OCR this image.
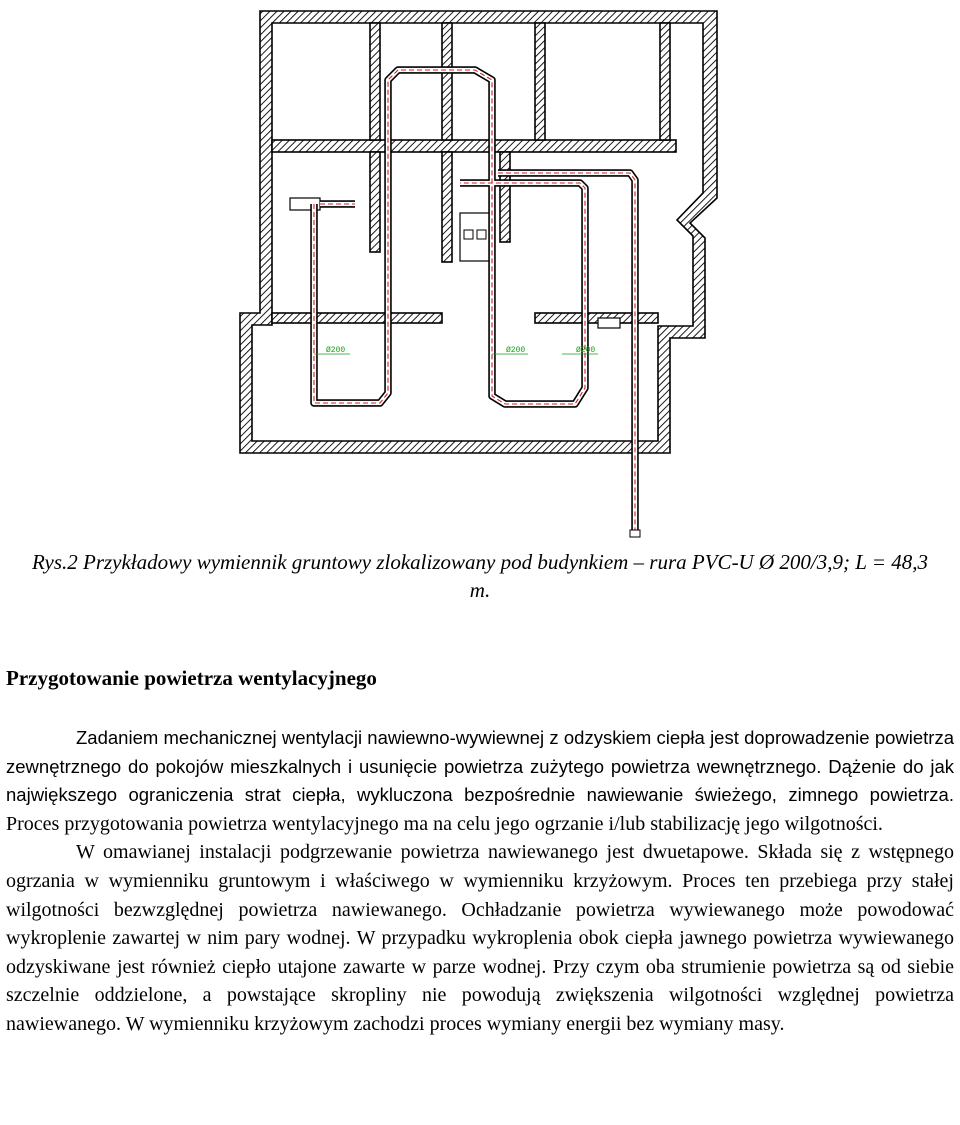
Ø200	Ø200	Ø200
Rys.2 Przykładowy wymiennik gruntowy zlokalizowany pod budynkiem – rura PVC-U Ø 200/3,9; L = 48,3 m.
Przygotowanie powietrza wentylacyjnego

Zadaniem mechanicznej wentylacji nawiewno-wywiewnej z odzyskiem ciepła jest doprowadzenie powietrza zewnętrznego do pokojów mieszkalnych i usunięcie powietrza zużytego powietrza wewnętrznego. Dążenie do jak największego ograniczenia strat ciepła, wykluczona bezpośrednie nawiewanie świeżego, zimnego powietrza. Proces przygotowania powietrza wentylacyjnego ma na celu jego ogrzanie i/lub stabilizację jego wilgotności.

W omawianej instalacji podgrzewanie powietrza nawiewanego jest dwuetapowe. Składa się z wstępnego ogrzania w wymienniku gruntowym i właściwego w wymienniku krzyżowym. Proces ten przebiega przy stałej wilgotności bezwzględnej powietrza nawiewanego. Ochładzanie powietrza wywiewanego może powodować wykroplenie zawartej w nim pary wodnej. W przypadku wykroplenia obok ciepła jawnego powietrza wywiewanego odzyskiwane jest również ciepło utajone zawarte w parze wodnej. Przy czym oba strumienie powietrza są od siebie szczelnie oddzielone, a powstające skropliny nie powodują zwiększenia wilgotności względnej powietrza nawiewanego. W wymienniku krzyżowym zachodzi proces wymiany energii bez wymiany masy.
